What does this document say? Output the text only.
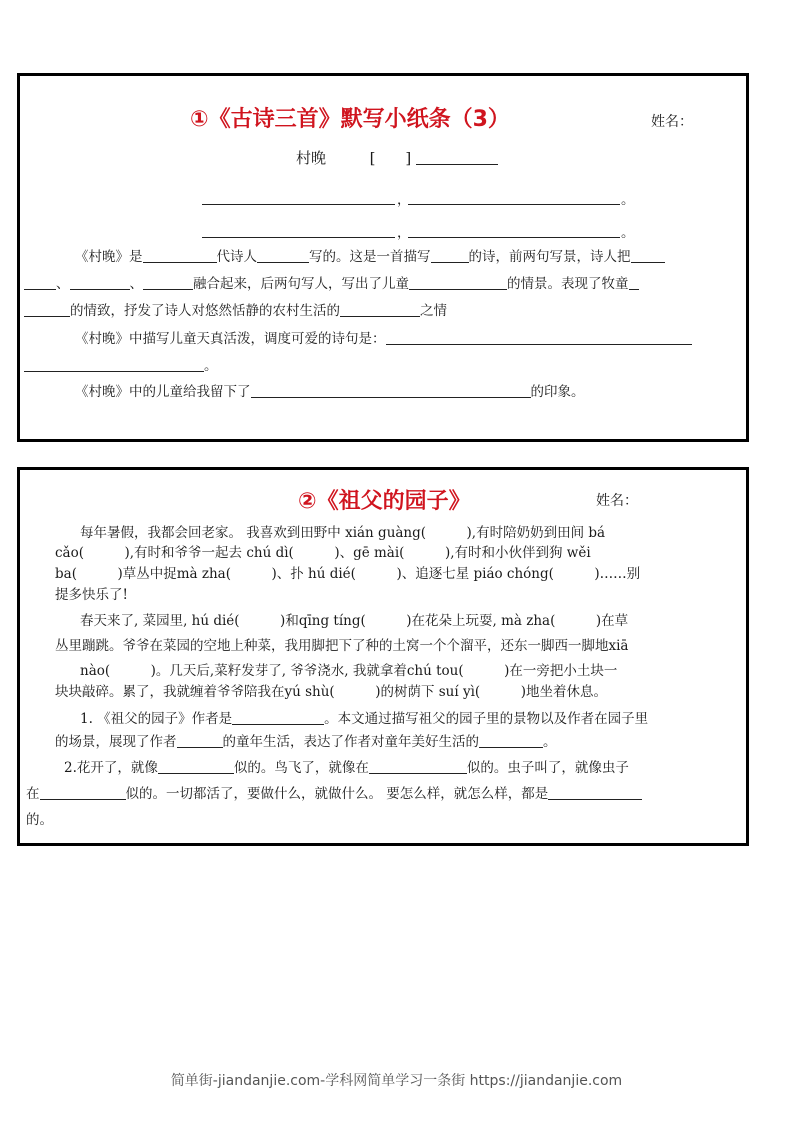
①《古诗三首》默写小纸条（3）	姓名：
村晚	[　　]
，	。
，	。
《村晚》是	代诗人	写的。这是一首描写	的诗，前两句写景，诗人把
、	、	融合起来，后两句写人，写出了儿童	的情景。表现了牧童
的情致，抒发了诗人对悠然恬静的农村生活的	之情
《村晚》中描写儿童天真活泼，调度可爱的诗句是：
。
《村晚》中的儿童给我留下了	的印象。
②《祖父的园子》	姓名：
每年暑假，我都会回老家。 我喜欢到田野中 xián guàng(　　　),有时陪奶奶到田间 bá
cǎo(　　　),有时和爷爷一起去 chú dì(　　　)、gē mài(　　　),有时和小伙伴到狗 wěi
ba(　　　)草丛中捉mà zha(　　　)、扑 hú dié(　　　)、追逐七星 piáo chóng(　　　)……别
提多快乐了!
春天来了, 菜园里, hú dié(　　　)和qīng tíng(　　　)在花朵上玩耍, mà zha(　　　)在草
丛里蹦跳。爷爷在菜园的空地上种菜，我用脚把下了种的土窝一个个溜平，还东一脚西一脚地xiā
nào(　　　)。几天后,菜籽发芽了, 爷爷浇水, 我就拿着chú tou(　　　)在一旁把小土块一
块块敲碎。累了，我就缠着爷爷陪我在yú shù(　　　)的树荫下 suí yì(　　　)地坐着休息。
1. 《祖父的园子》作者是	。本文通过描写祖父的园子里的景物以及作者在园子里
的场景，展现了作者	的童年生活，表达了作者对童年美好生活的	。
2.花开了，就像	似的。鸟飞了，就像在	似的。虫子叫了，就像虫子
在	似的。一切都活了，要做什么，就做什么。 要怎么样，就怎么样，都是
的。
简单街-jiandanjie.com-学科网简单学习一条街 https://jiandanjie.com
